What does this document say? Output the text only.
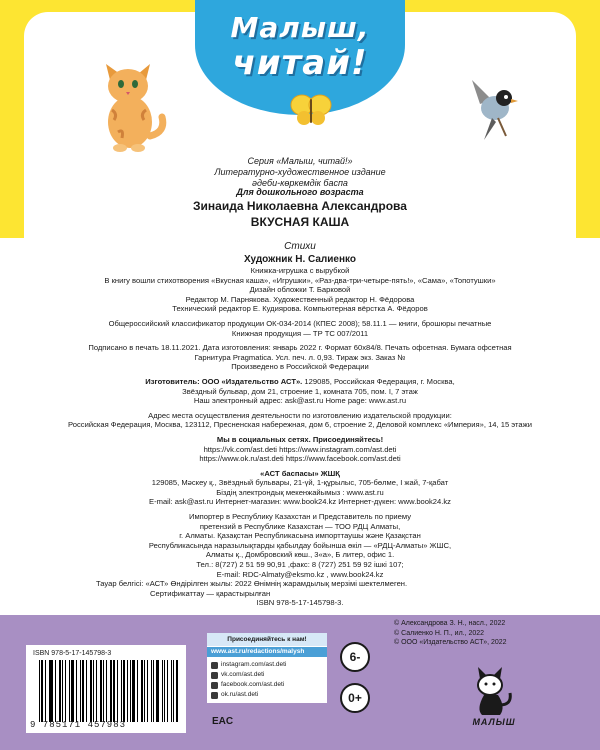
Малыш,
читай!
Серия «Малыш, читай!»
Литературно-художественное издание
әдеби-көркемдік баспа
Для дошкольного возраста
Зинаида Николаевна Александрова
ВКУСНАЯ КАША
Стихи
Художник Н. Салиенко
Книжка-игрушка с вырубкой
В книгу вошли стихотворения «Вкусная каша», «Игрушки», «Раз-два-три-четыре-пять!», «Сама», «Топотушки»
Дизайн обложки Т. Барковой
Редактор М. Парнякова. Художественный редактор Н. Фёдорова
Технический редактор Е. Кудиярова. Компьютерная вёрстка А. Фёдоров
Общероссийский классификатор продукции ОК-034-2014 (КПЕС 2008); 58.11.1 — книги, брошюры печатные
Книжная продукция — ТР ТС 007/2011
Подписано в печать 18.11.2021. Дата изготовления: январь 2022 г. Формат 60x84/8. Печать офсетная. Бумага офсетная
Гарнитура Pragmatica. Усл. печ. л. 0,93. Тираж экз. Заказ №
Произведено в Российской Федерации
Изготовитель: ООО «Издательство АСТ». 129085, Российская Федерация, г. Москва,
Звёздный бульвар, дом 21, строение 1, комната 705, пом. I, 7 этаж
Наш электронный адрес: ask@ast.ru Home page: www.ast.ru
Адрес места осуществления деятельности по изготовлению издательской продукции:
Российская Федерация, Москва, 123112, Пресненская набережная, дом 6, строение 2, Деловой комплекс «Империя», 14, 15 этажи
Мы в социальных сетях. Присоединяйтесь!
https://vk.com/ast.deti https://www.instagram.com/ast.deti
https://www.ok.ru/ast.deti https://www.facebook.com/ast.deti
«АСТ баспасы» ЖШҚ
129085, Мәскеу қ., Звёздный бульвары, 21-үй, 1-құрылыс, 705-бөлме, I жай, 7-қабат
Біздің электрондық мекенжайымыз : www.ast.ru
E-mail: ask@ast.ru Интернет-магазин: www.book24.kz Интернет-дүкен: www.book24.kz
Импортер в Республику Казахстан и Представитель по приему
претензий в Республике Казахстан — ТОО РДЦ Алматы,
г. Алматы. Қазақстан Республикасына импорттаушы және Қазақстан
Республикасында наразылықтарды қабылдау бойынша өкіл — «РДЦ-Алматы» ЖШС,
Алматы қ., Домбровский көш., 3«а», Б литер, офис 1.
Тел.: 8(727) 2 51 59 90,91 ,факс: 8 (727) 251 59 92 ішкі 107;
E-mail: RDC-Almaty@eksmo.kz , www.book24.kz
Тауар белгісі: «АСТ» Өндірілген жылы: 2022 Өнімнің жарамдылық мерзімі шектелмеген.
Сертификаттау — қарастырылған
ISBN 978-5-17-145798-3.
ISBN 978-5-17-145798-3
9 785171 457983
Присоединяйтесь к нам!
www.ast.ru/redactions/malysh
instagram.com/ast.deti
vk.com/ast.deti
facebook.com/ast.deti
ok.ru/ast.deti
EAC
6-
0+
© Александрова З. Н., насл., 2022
© Салиенко Н. П., ил., 2022
© ООО «Издательство АСТ», 2022
МАЛЫШ
